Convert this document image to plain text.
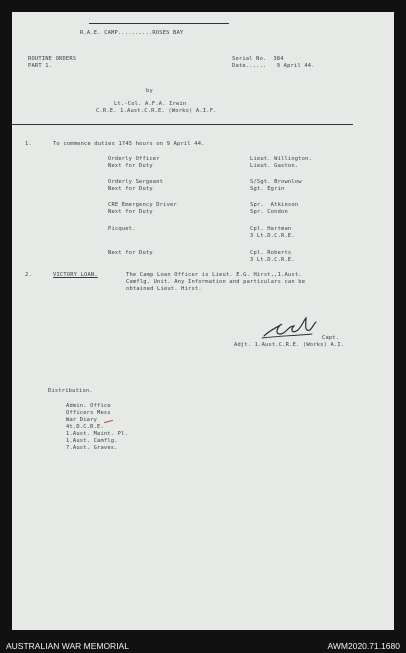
R.A.E. CAMP..........ROSES BAY
ROUTINE ORDERS
PART 1.
Serial No.  384
Date......   9 April 44.
by
Lt.-Col. A.F.A. Irwin
C.R.E. 1.Aust.C.R.E. (Works) A.I.F.
1.	To commence duties 1745 hours on 9 April 44.
Orderly Officer	Lieut. Willington.
Next for Duty	Lieut. Gaston.
Orderly Sergeant	S/Sgt. Brownlow
Next for Duty	Sgt. Egrin
CRE Emergency Driver	Spr.  Atkinson
Next for Duty	Spr. Condon
Picquet.	Cpl. Hartman
3 Lt.D.C.R.E.
Next for Duty	Cpl. Roberts
3 Lt.D.C.R.E.
2.	VICTORY LOAN.	The Camp Loan Officer is Lieut. E.G. Hirst,,1.Aust.
Camflg. Unit. Any Information and particulars can be
obtained Lieut. Hirst.
Capt.
Adjt. 1.Aust.C.R.E. (Works) A.I.
Distribution.
Admin. Office
Officers Mess
War Diary
4t.D.C.R.E.
1.Aust. Maint. Pl.
1.Aust. Camflg.
7.Aust. Graves.
AUSTRALIAN WAR MEMORIAL	AWM2020.71.1680
